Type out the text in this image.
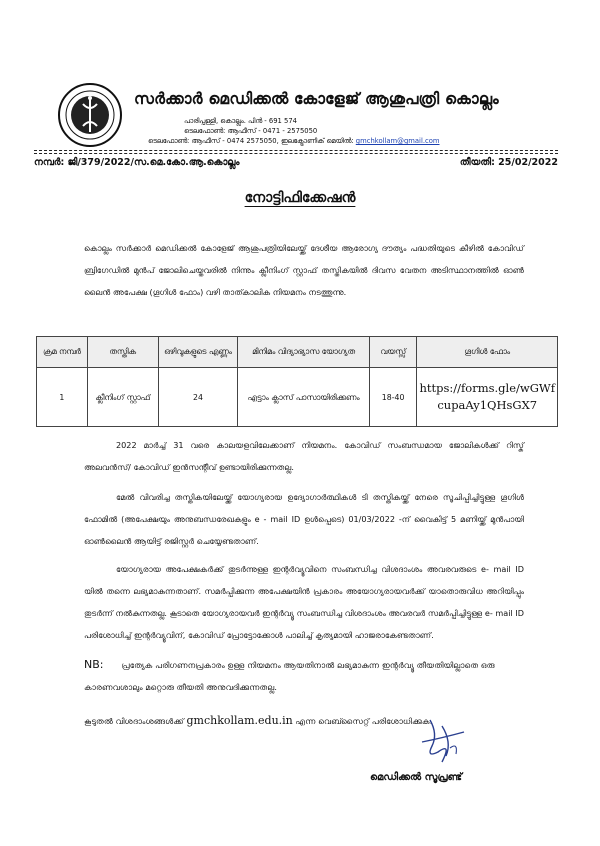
സർക്കാർ മെഡിക്കൽ കോളേജ് ആശുപത്രി കൊല്ലം
പാരിപ്പള്ളി, കൊല്ലം. പിൻ - 691 574
ടെലഫോൺ: ആഫീസ് - 0471 - 2575050
ടെലഫോൺ: ആഫീസ് - 0474 2575050, ഇലക്ട്രോണിക് മെയിൽ: gmchkollam@gmail.com
നമ്പർ: ജി/379/2022/സ.മെ.കോ.ആ.കൊല്ലം	തീയതി: 25/02/2022
നോട്ടിഫിക്കേഷൻ

കൊല്ലം സർക്കാർ മെഡിക്കൽ കോളേജ് ആശുപത്രിയിലേയ്ക്ക് ദേശീയ ആരോഗ്യ ദൗത്യം പദ്ധതിയുടെ കീഴിൽ കോവിഡ് ബ്രിഗേഡിൽ മുൻപ് ജോലിചെയ്തവരിൽ നിന്നും ക്ലീനിംഗ് സ്റ്റാഫ് തസ്തികയിൽ ദിവസ വേതന അടിസ്ഥാനത്തിൽ ഓൺ ലൈൻ അപേക്ഷ (ഗൂഗിൾ ഫോം) വഴി താത്കാലിക നിയമനം നടത്തുന്നു.

ക്രമ നമ്പർ	തസ്തിക	ഒഴിവുകളുടെ എണ്ണം	മിനിമം വിദ്യാഭ്യാസ യോഗ്യത	വയസ്സ്	ഗൂഗിൾ ഫോം
1	ക്ലീനിംഗ് സ്റ്റാഫ്	24	എട്ടാം ക്ലാസ് പാസായിരിക്കണം	18-40	https://forms.gle/wGWf
cupaAy1QHsGX7

2022 മാർച്ച് 31 വരെ കാലയളവിലേക്കാണ് നിയമനം. കോവിഡ് സംബന്ധമായ ജോലികൾക്ക് റിസ്ക് അലവൻസ്/ കോവിഡ് ഇൻസന്റീവ് ഉണ്ടായിരിക്കുന്നതല്ല.

മേൽ വിവരിച്ച തസ്തികയിലേയ്ക്ക് യോഗ്യരായ ഉദ്യോഗാർത്ഥികൾ ടി തസ്തികയ്ക്ക് നേരെ സൂചിപ്പിച്ചിട്ടുള്ള ഗൂഗിൾ ഫോമിൽ (അപേക്ഷയും അനുബന്ധരേഖകളും e - mail ID ഉൾപ്പെടെ) 01/03/2022 -ന് വൈകിട്ട് 5 മണിയ്ക്ക് മുൻപായി ഓൺലൈൻ ആയിട്ട് രജിസ്റ്റർ ചെയ്യേണ്ടതാണ്.

യോഗ്യരായ അപേക്ഷകർക്ക് തുടർന്നുള്ള ഇന്റർവ്യൂവിനെ സംബന്ധിച്ച വിശദാംശം അവരവരുടെ e- mail ID യിൽ തന്നെ ലഭ്യമാകുന്നതാണ്. സമർപ്പിക്കുന്ന അപേക്ഷയിൻ പ്രകാരം അയോഗ്യരായവർക്ക് യാതൊരുവിധ അറിയിപ്പും തുടർന്ന് നൽകുന്നതല്ല. കൂടാതെ യോഗ്യരായവർ ഇന്റർവ്യൂ സംബന്ധിച്ച വിശദാംശം അവരവർ സമർപ്പിച്ചിട്ടുള്ള e- mail ID പരിശോധിച്ച് ഇന്റർവ്യൂവിന്, കോവിഡ് പ്രോട്ടോക്കോൾ പാലിച്ച് കൃത്യമായി ഹാജരാകേണ്ടതാണ്.

NB: പ്രത്യേക പരിഗണനപ്രകാരം ഉള്ള നിയമനം ആയതിനാൽ ലഭ്യമാകുന്ന ഇന്റർവ്യൂ തീയതിയില്ലാതെ ഒരു കാരണവശാലും മറ്റൊരു തീയതി അനുവദിക്കുന്നതല്ല.
കൂടുതൽ വിശദാംശങ്ങൾക്ക് gmchkollam.edu.in എന്ന വെബ്സൈറ്റ് പരിശോധിക്കുക.
മെഡിക്കൽ സൂപ്രണ്ട്
